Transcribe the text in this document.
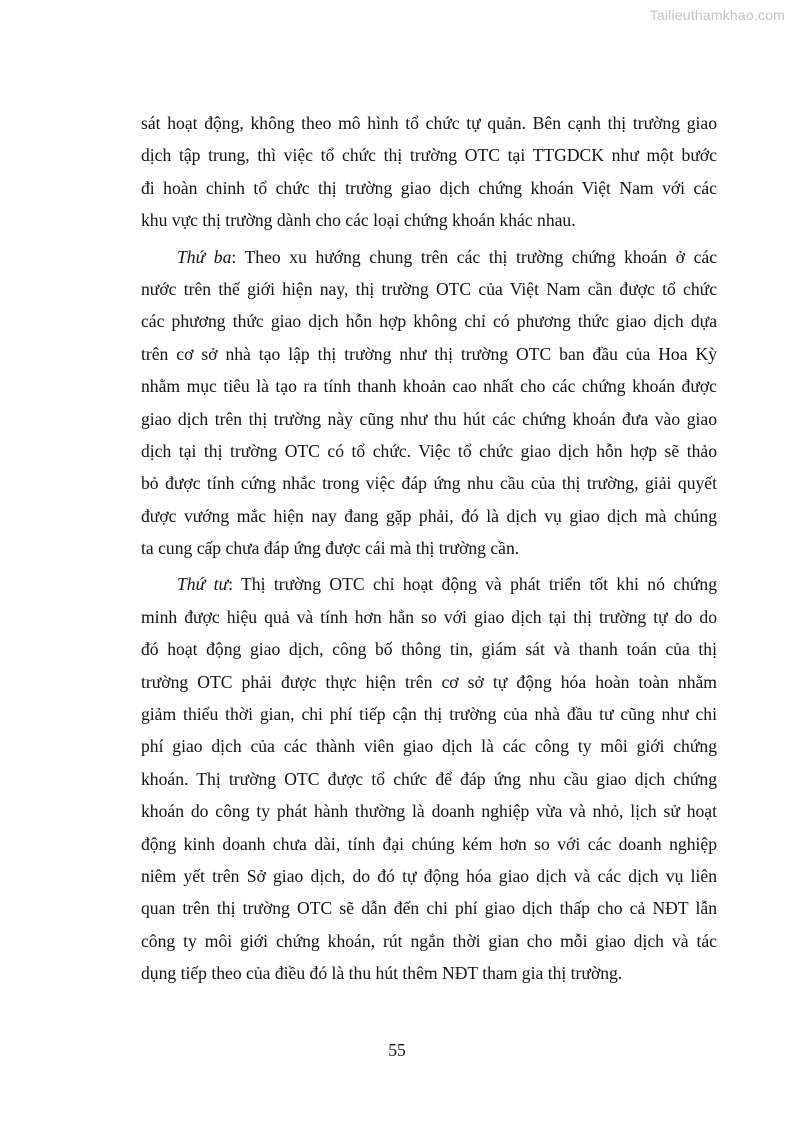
Tailieuthamkhao.com
sát hoạt động, không theo mô hình tổ chức tự quản. Bên cạnh thị trường giao
dịch tập trung, thì việc tổ chức thị trường OTC tại TTGDCK như một bước
đi hoàn chỉnh tổ chức thị trường giao dịch chứng khoán Việt Nam với các
khu vực thị trường dành cho các loại chứng khoán khác nhau.
Thứ ba: Theo xu hướng chung trên các thị trường chứng khoán ở các
nước trên thế giới hiện nay, thị trường OTC của Việt Nam cần được tổ chức
các phương thức giao dịch hỗn hợp không chỉ có phương thức giao dịch dựa
trên cơ sở nhà tạo lập thị trường như thị trường OTC ban đầu của Hoa Kỳ
nhằm mục tiêu là tạo ra tính thanh khoản cao nhất cho các chứng khoán được
giao dịch trên thị trường này cũng như thu hút các chứng khoán đưa vào giao
dịch tại thị trường OTC có tổ chức. Việc tổ chức giao dịch hỗn hợp sẽ thảo
bỏ được tính cứng nhắc trong việc đáp ứng nhu cầu của thị trường, giải quyết
được vướng mắc hiện nay đang gặp phải, đó là dịch vụ giao dịch mà chúng
ta cung cấp chưa đáp ứng được cái mà thị trường cần.
Thứ tư: Thị trường OTC chỉ hoạt động và phát triển tốt khi nó chứng
minh được hiệu quả và tính hơn hẳn so với giao dịch tại thị trường tự do do
đó hoạt động giao dịch, công bố thông tin, giám sát và thanh toán của thị
trường OTC phải được thực hiện trên cơ sở tự động hóa hoàn toàn nhằm
giảm thiểu thời gian, chi phí tiếp cận thị trường của nhà đầu tư cũng như chi
phí giao dịch của các thành viên giao dịch là các công ty môi giới chứng
khoán. Thị trường OTC được tổ chức để đáp ứng nhu cầu giao dịch chứng
khoán do công ty phát hành thường là doanh nghiệp vừa và nhỏ, lịch sử hoạt
động kinh doanh chưa dài, tính đại chúng kém hơn so với các doanh nghiệp
niêm yết trên Sở giao dịch, do đó tự động hóa giao dịch và các dịch vụ liên
quan trên thị trường OTC sẽ dẫn đến chi phí giao dịch thấp cho cả NĐT lẫn
công ty môi giới chứng khoán, rút ngắn thời gian cho mỗi giao dịch và tác
dụng tiếp theo của điều đó là thu hút thêm NĐT tham gia thị trường.
55
